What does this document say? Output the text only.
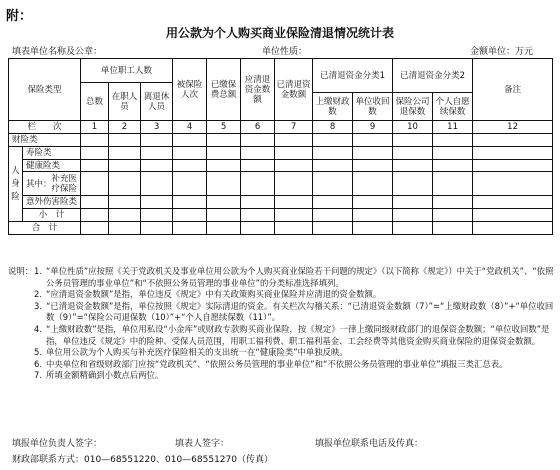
附：
用公款为个人购买商业保险清退情况统计表
填表单位名称及公章：	单位性质：	金额单位：万元
保险类型		单位职工人数			被保险人次	已缴保费总额	应清退资金数额	已清退资金数额	已清退资金分类1		已清退资金分类2		备注
		总数	在职人员	离退休人员									
									上缴财政数	单位收回数	保险公司退保数	个人自愿续保数	
栏　　次		1	2	3	4	5	6	7	8	9	10	11	12
财险类													

人身险	寿险类												
	健康险类												
	其中：补充医疗保险												
	意外伤害险类												
	小　计												
合　计													
说明： 1. “单位性质”应按照《关于党政机关及事业单位用公款为个人购买商业保险若干问题的规定》（以下简称《规定》）中关于“党政机关”、“依照公务员管理的事业单位”和“不依照公务员管理的事业单位”的分类标准选择填列。
2. “应清退资金数额”是指，单位违反《规定》中有关政策购买商业保险并应清退的资金数额。
3. “已清退资金数额”是指，单位按照《规定》实际清退的资金。有关栏次勾稽关系：“已清退资金数额（7）”=“上缴财政数（8）”+“单位收回数（9）”=“保险公司退保数（10）”+“个人自愿续保数（11）”。
4. “上缴财政数”是指，单位用私设“小金库”或财政专款购买商业保险，按《规定》一律上缴同级财政部门的退保资金数额；“单位收回数”是指，单位违反《规定》中的险种、受保人员范围，用职工福利费、职工福利基金、工会经费等其他资金购买商业保险的退保资金数额。
5. 单位用公款为个人购买与补充医疗保险相关的支出统一在“健康险类”中单独反映。
6. 中央单位和省级财政部门应按“党政机关”、“依照公务员管理的事业单位”和“不依照公务员管理的事业单位”填报三类汇总表。
7. 所填金额精确到小数点后两位。
填报单位负责人签字：	填表人签字：	填报单位联系电话及传真：
财政部联系方式：010—68551220、010—68551270（传真）
